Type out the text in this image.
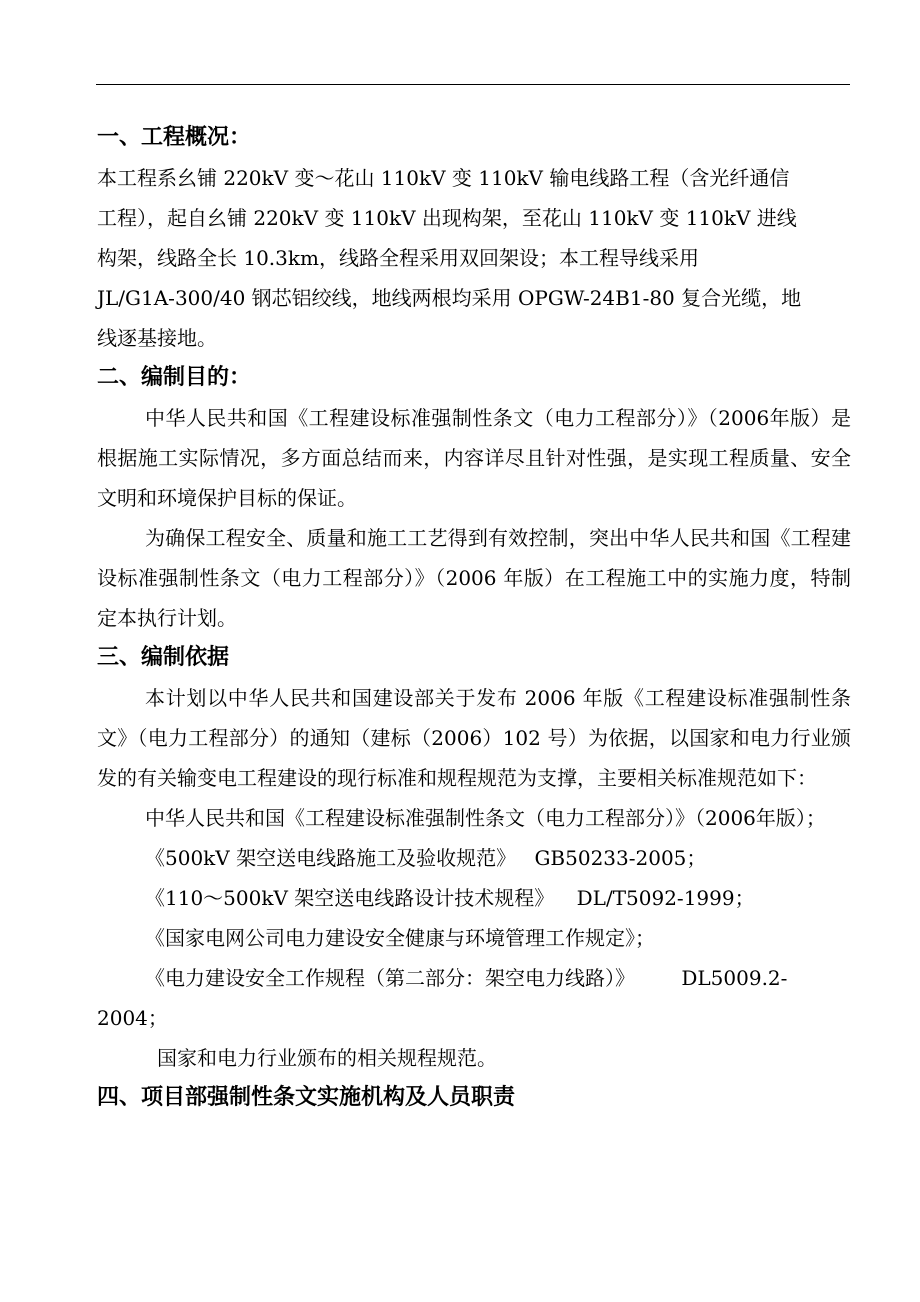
一、工程概况：
本工程系幺铺 220kV 变～花山 110kV 变 110kV 输电线路工程（含光纤通信
工程），起自幺铺 220kV 变 110kV 出现构架，至花山 110kV 变 110kV 进线
构架，线路全长 10.3km，线路全程采用双回架设；本工程导线采用
JL/G1A-300/40 钢芯铝绞线，地线两根均采用 OPGW-24B1-80 复合光缆，地
线逐基接地。
二、编制目的：

中华人民共和国《工程建设标准强制性条文（电力工程部分）》（2006年版）是根据施工实际情况，多方面总结而来，内容详尽且针对性强，是实现工程质量、安全文明和环境保护目标的保证。

为确保工程安全、质量和施工工艺得到有效控制，突出中华人民共和国《工程建设标准强制性条文（电力工程部分）》（2006 年版）在工程施工中的实施力度，特制定本执行计划。

三、编制依据

本计划以中华人民共和国建设部关于发布 2006 年版《工程建设标准强制性条文》（电力工程部分）的通知（建标（2006）102 号）为依据，以国家和电力行业颁发的有关输变电工程建设的现行标准和规程规范为支撑，主要相关标准规范如下：

中华人民共和国《工程建设标准强制性条文（电力工程部分）》（2006年版）；

《500kV 架空送电线路施工及验收规范》 GB50233-2005；
《110～500kV 架空送电线路设计技术规程》 DL/T5092-1999；
《国家电网公司电力建设安全健康与环境管理工作规定》；
《电力建设安全工作规程（第二部分：架空电力线路）》 DL5009.2-
2004；
国家和电力行业颁布的相关规程规范。
四、项目部强制性条文实施机构及人员职责
